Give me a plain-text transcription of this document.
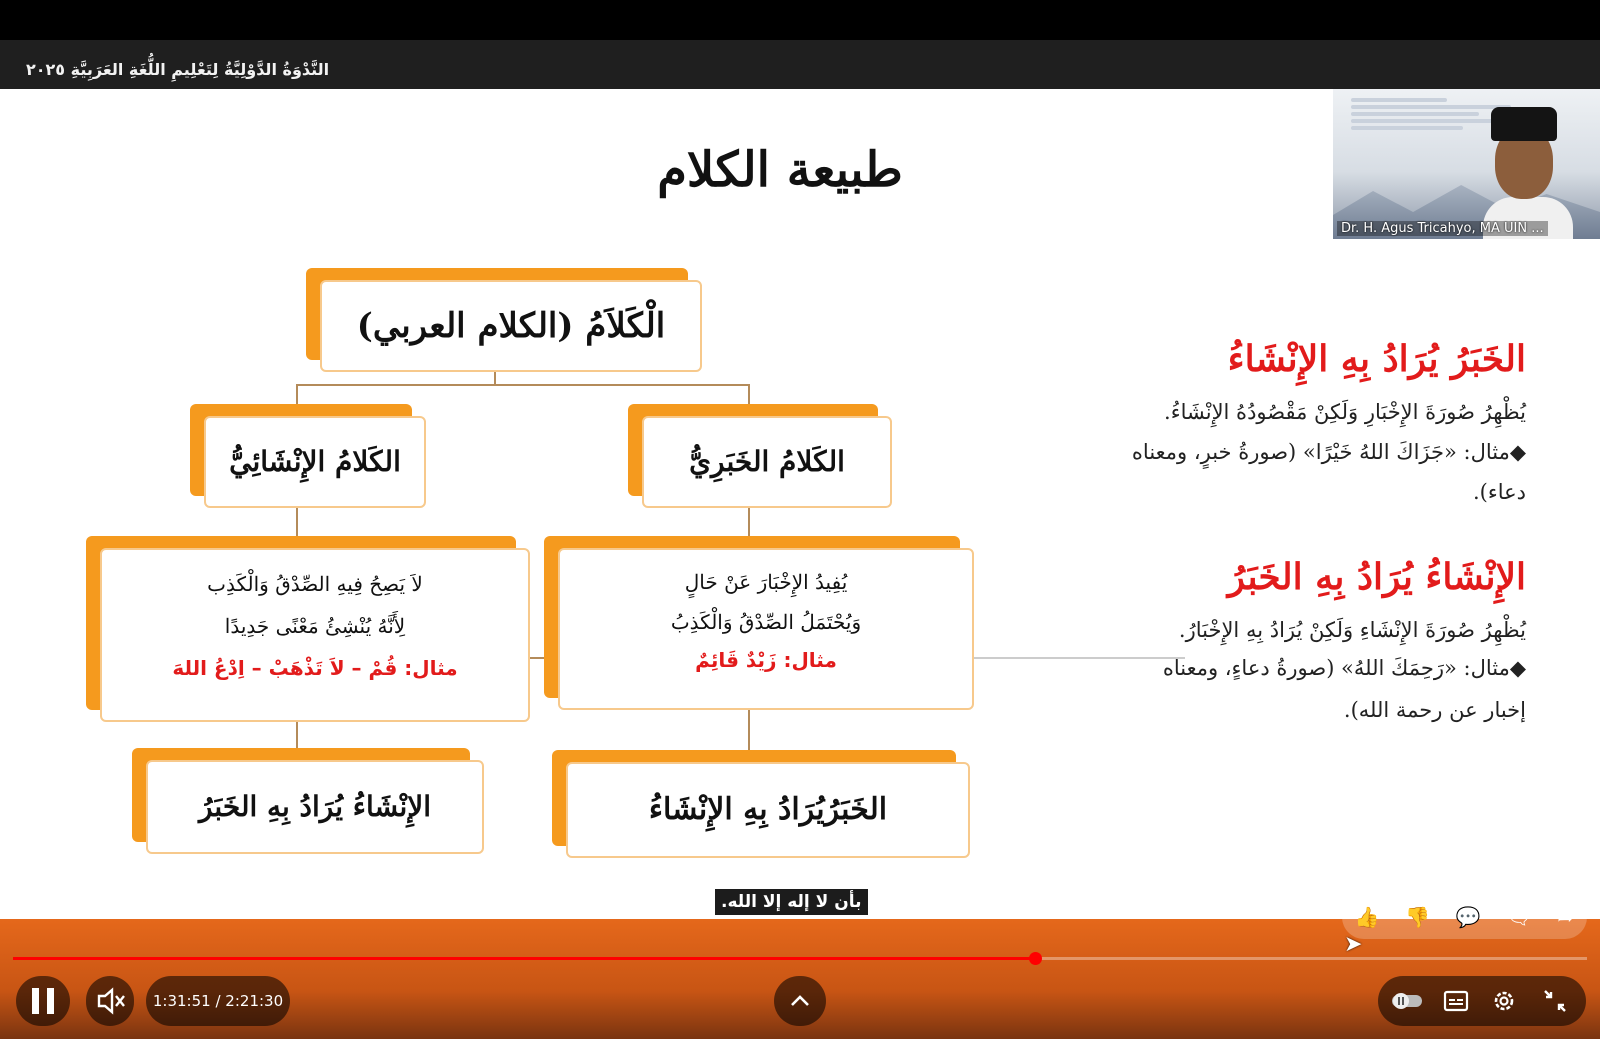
النَّدْوَةُ الدَّوْلِيَّةُ لِتَعْلِيمِ اللُّغَةِ العَرَبِيَّةِ ٢٠٢٥
طبيعة الكلام
Dr. H. Agus Tricahyo, MA UIN ...
الْكَلاَمُ (الكلام العربي)
الكَلامُ الإِنْشَائِيُّ	الكَلامُ الخَبَرِيُّ
لاَ يَصِحُ فِيهِ الصِّدْقُ وَالْكَذِب
لِأَنَّهُ يُنْشِئُ مَعْنًى جَدِيدًا
مثال: قُمْ – لاَ تَذْهَبْ – اِدْعُ اللهَ
يُفِيدُ الإِخْبَارَ عَنْ حَالٍ
وَيُحْتَمَلُ الصِّدْقُ وَالْكَذِبُ
مثال: زَيْدٌ قَائِمٌ
الإِنْشَاءُ يُرَادُ بِهِ الخَبَرُ	الخَبَرُيُرَادُ بِهِ الإِنْشَاءُ
الخَبَرُ يُرَادُ بِهِ الإِنْشَاءُ
يُظْهِرُ صُورَةَ الإِخْبَارِ وَلَكِنْ مَقْصُودُهُ الإِنْشَاءُ.
◆مثال: «جَزَاكَ اللهُ خَيْرًا» (صورةُ خبرٍ، ومعناه
دعاء).
الإِنْشَاءُ يُرَادُ بِهِ الخَبَرُ
يُظْهِرُ صُورَةَ الإِنْشَاءِ وَلَكِنْ يُرَادُ بِهِ الإِخْبَارُ.
◆مثال: «رَحِمَكَ اللهُ» (صورةُ دعاءٍ، ومعناه
إخبار عن رحمة الله).
بأن لا إله إلا الله.
1:31:51 / 2:21:30
👍 👎 💬 🗨 ➦
➤
